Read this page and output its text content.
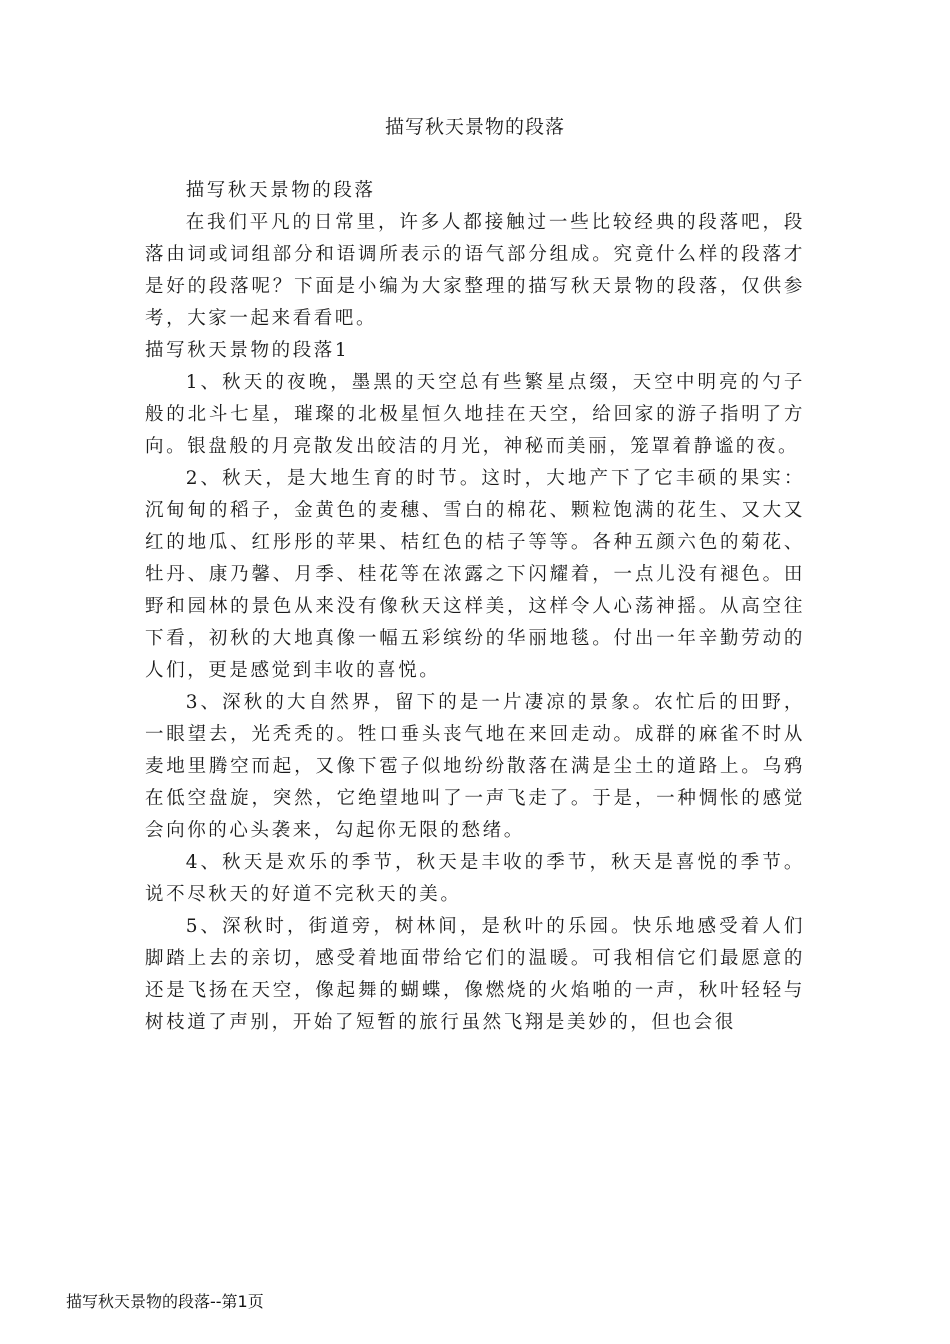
描写秋天景物的段落

描写秋天景物的段落

在我们平凡的日常里，许多人都接触过一些比较经典的段落吧，段落由词或词组部分和语调所表示的语气部分组成。究竟什么样的段落才是好的段落呢？下面是小编为大家整理的描写秋天景物的段落，仅供参考，大家一起来看看吧。

描写秋天景物的段落1

1、秋天的夜晚，墨黑的天空总有些繁星点缀，天空中明亮的勺子般的北斗七星，璀璨的北极星恒久地挂在天空，给回家的游子指明了方向。银盘般的月亮散发出皎洁的月光，神秘而美丽，笼罩着静谧的夜。

2、秋天，是大地生育的时节。这时，大地产下了它丰硕的果实：沉甸甸的稻子，金黄色的麦穗、雪白的棉花、颗粒饱满的花生、又大又红的地瓜、红彤彤的苹果、桔红色的桔子等等。各种五颜六色的菊花、牡丹、康乃馨、月季、桂花等在浓露之下闪耀着，一点儿没有褪色。田野和园林的景色从来没有像秋天这样美，这样令人心荡神摇。从高空往下看，初秋的大地真像一幅五彩缤纷的华丽地毯。付出一年辛勤劳动的人们，更是感觉到丰收的喜悦。

3、深秋的大自然界，留下的是一片凄凉的景象。农忙后的田野，一眼望去，光秃秃的。牲口垂头丧气地在来回走动。成群的麻雀不时从麦地里腾空而起，又像下雹子似地纷纷散落在满是尘土的道路上。乌鸦在低空盘旋，突然，它绝望地叫了一声飞走了。于是，一种惆怅的感觉会向你的心头袭来，勾起你无限的愁绪。

4、秋天是欢乐的季节，秋天是丰收的季节，秋天是喜悦的季节。说不尽秋天的好道不完秋天的美。

5、深秋时，街道旁，树林间，是秋叶的乐园。快乐地感受着人们脚踏上去的亲切，感受着地面带给它们的温暖。可我相信它们最愿意的还是飞扬在天空，像起舞的蝴蝶，像燃烧的火焰啪的一声，秋叶轻轻与树枝道了声别，开始了短暂的旅行虽然飞翔是美妙的，但也会很

描写秋天景物的段落--第1页
